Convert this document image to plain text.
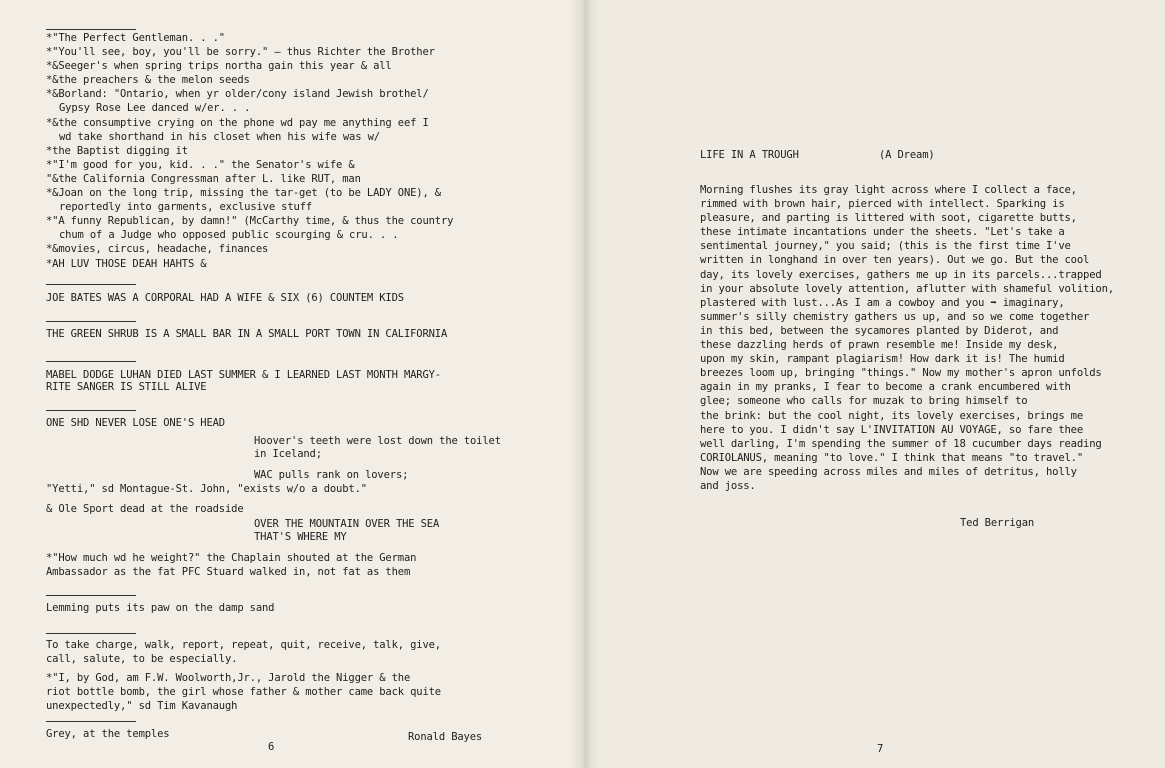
*"The Perfect Gentleman. . ."
*"You'll see, boy, you'll be sorry." — thus Richter the Brother
*&Seeger's when spring trips northa gain this year & all
*&the preachers & the melon seeds
*&Borland: "Ontario, when yr older/cony island Jewish brothel/
Gypsy Rose Lee danced w/er. . .
*&the consumptive crying on the phone wd pay me anything eef I
wd take shorthand in his closet when his wife was w/
*the Baptist digging it
*"I'm good for you, kid. . ." the Senator's wife &
"&the California Congressman after L. like RUT, man
*&Joan on the long trip, missing the tar-get (to be LADY ONE), &
reportedly into garments, exclusive stuff
*"A funny Republican, by damn!" (McCarthy time, & thus the country
chum of a Judge who opposed public scourging & cru. . .
*&movies, circus, headache, finances
*AH LUV THOSE DEAH HAHTS &
JOE BATES WAS A CORPORAL HAD A WIFE & SIX (6) COUNTEM KIDS
THE GREEN SHRUB IS A SMALL BAR IN A SMALL PORT TOWN IN CALIFORNIA
MABEL DODGE LUHAN DIED LAST SUMMER & I LEARNED LAST MONTH MARGY-
RITE SANGER IS STILL ALIVE
ONE SHD NEVER LOSE ONE'S HEAD
Hoover's teeth were lost down the toilet
in Iceland;
WAC pulls rank on lovers;
"Yetti," sd Montague-St. John, "exists w/o a doubt."
& Ole Sport dead at the roadside
OVER THE MOUNTAIN OVER THE SEA
THAT'S WHERE MY
*"How much wd he weight?" the Chaplain shouted at the German
Ambassador as the fat PFC Stuard walked in, not fat as them
Lemming puts its paw on the damp sand
To take charge, walk, report, repeat, quit, receive, talk, give,
call, salute, to be especially.
*"I, by God, am F.W. Woolworth,Jr., Jarold the Nigger & the
riot bottle bomb, the girl whose father & mother came back quite
unexpectedly," sd Tim Kavanaugh
Grey, at the temples	Ronald Bayes
6
LIFE IN A TROUGH	(A Dream)
Morning flushes its gray light across where I collect a face,
rimmed with brown hair, pierced with intellect. Sparking is
pleasure, and parting is littered with soot, cigarette butts,
these intimate incantations under the sheets. "Let's take a
sentimental journey," you said; (this is the first time I've
written in longhand in over ten years). Out we go. But the cool
day, its lovely exercises, gathers me up in its parcels...trapped
in your absolute lovely attention, aflutter with shameful volition,
plastered with lust...As I am a cowboy and you ➡ imaginary,
summer's silly chemistry gathers us up, and so we come together
in this bed, between the sycamores planted by Diderot, and
these dazzling herds of prawn resemble me! Inside my desk,
upon my skin, rampant plagiarism! How dark it is! The humid
breezes loom up, bringing "things." Now my mother's apron unfolds
again in my pranks, I fear to become a crank encumbered with
glee; someone who calls for muzak to bring himself to
the brink: but the cool night, its lovely exercises, brings me
here to you. I didn't say L'INVITATION AU VOYAGE, so fare thee
well darling, I'm spending the summer of 18 cucumber days reading
CORIOLANUS, meaning "to love." I think that means "to travel."
Now we are speeding across miles and miles of detritus, holly
and joss.
Ted Berrigan
7
